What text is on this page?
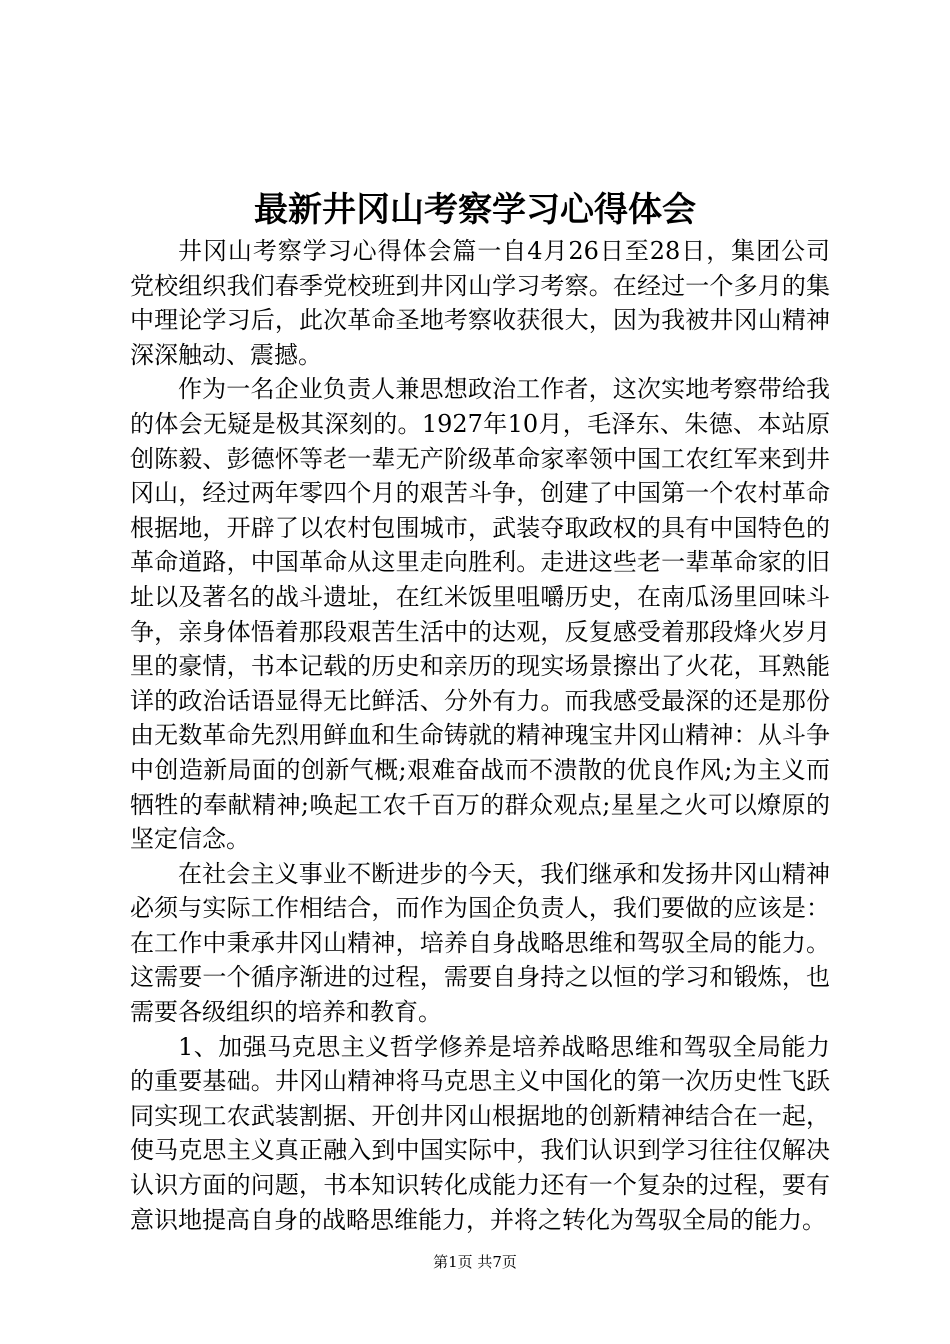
最新井冈山考察学习心得体会

井冈山考察学习心得体会篇一自4月26日至28日，集团公司党校组织我们春季党校班到井冈山学习考察。在经过一个多月的集中理论学习后，此次革命圣地考察收获很大，因为我被井冈山精神深深触动、震撼。

作为一名企业负责人兼思想政治工作者，这次实地考察带给我的体会无疑是极其深刻的。1927年10月，毛泽东、朱德、本站原创陈毅、彭德怀等老一辈无产阶级革命家率领中国工农红军来到井冈山，经过两年零四个月的艰苦斗争，创建了中国第一个农村革命根据地，开辟了以农村包围城市，武装夺取政权的具有中国特色的革命道路，中国革命从这里走向胜利。走进这些老一辈革命家的旧址以及著名的战斗遗址，在红米饭里咀嚼历史，在南瓜汤里回味斗争，亲身体悟着那段艰苦生活中的达观，反复感受着那段烽火岁月里的豪情，书本记载的历史和亲历的现实场景擦出了火花，耳熟能详的政治话语显得无比鲜活、分外有力。而我感受最深的还是那份由无数革命先烈用鲜血和生命铸就的精神瑰宝井冈山精神：从斗争中创造新局面的创新气概;艰难奋战而不溃散的优良作风;为主义而牺牲的奉献精神;唤起工农千百万的群众观点;星星之火可以燎原的坚定信念。

在社会主义事业不断进步的今天，我们继承和发扬井冈山精神必须与实际工作相结合，而作为国企负责人，我们要做的应该是：在工作中秉承井冈山精神，培养自身战略思维和驾驭全局的能力。这需要一个循序渐进的过程，需要自身持之以恒的学习和锻炼，也需要各级组织的培养和教育。

1、加强马克思主义哲学修养是培养战略思维和驾驭全局能力的重要基础。井冈山精神将马克思主义中国化的第一次历史性飞跃同实现工农武装割据、开创井冈山根据地的创新精神结合在一起，使马克思主义真正融入到中国实际中，我们认识到学习往往仅解决认识方面的问题，书本知识转化成能力还有一个复杂的过程，要有意识地提高自身的战略思维能力，并将之转化为驾驭全局的能力。

第1页 共7页
